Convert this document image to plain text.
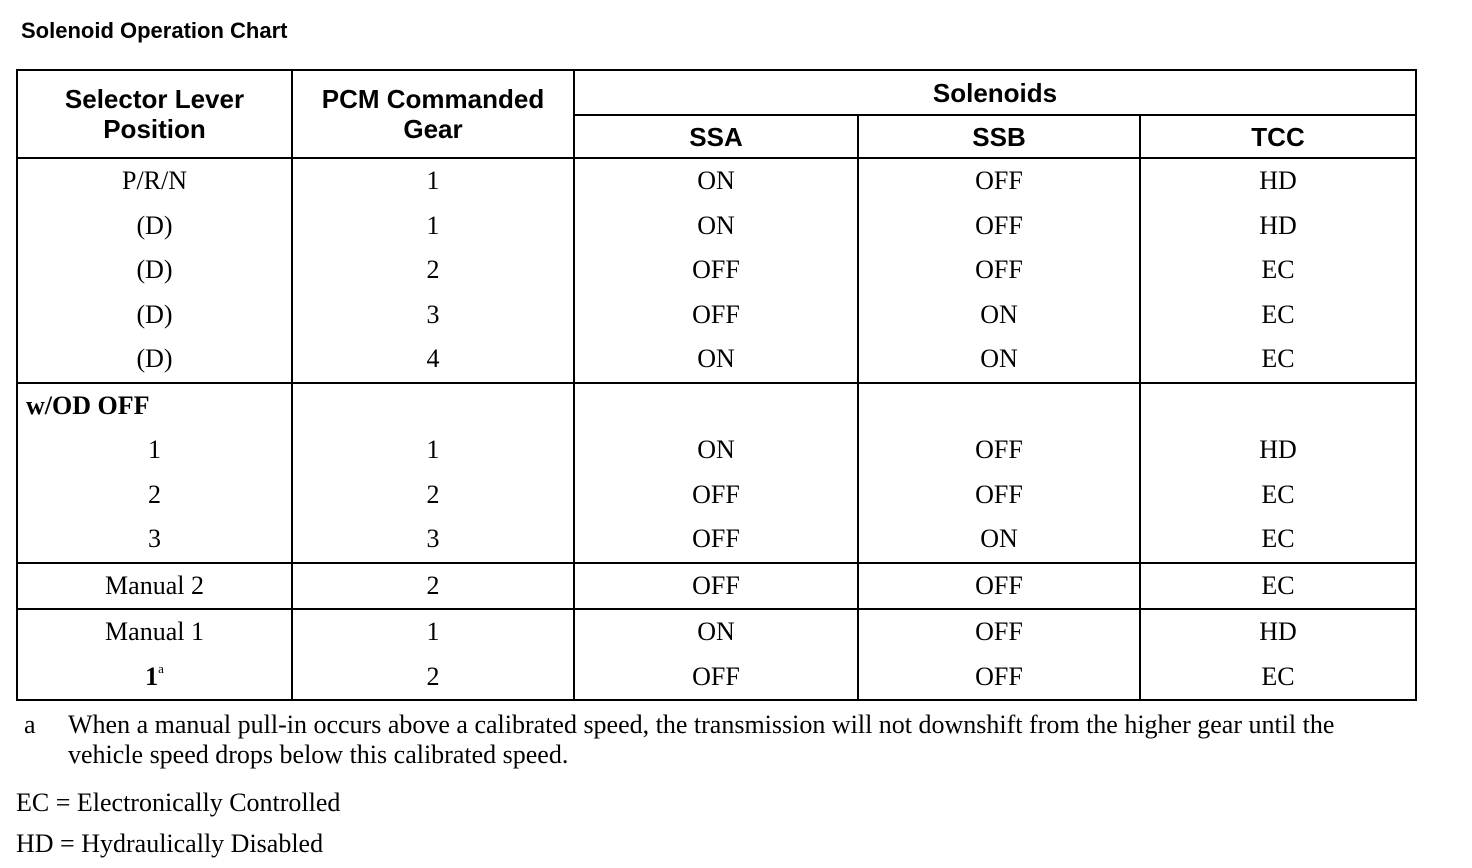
Solenoid Operation Chart
Selector Lever Position	PCM Commanded Gear	Solenoids		
		SSA	SSB	TCC
P/R/N	1	ON	OFF	HD
(D)	1	ON	OFF	HD
(D)	2	OFF	OFF	EC
(D)	3	OFF	ON	EC
(D)	4	ON	ON	EC
w/OD OFF				
1	1	ON	OFF	HD
2	2	OFF	OFF	EC
3	3	OFF	ON	EC
Manual 2	2	OFF	OFF	EC
Manual 1	1	ON	OFF	HD
1$^a$	2	OFF	OFF	EC
a When a manual pull-in occurs above a calibrated speed, the transmission will not downshift from the higher gear until the vehicle speed drops below this calibrated speed.
EC = Electronically Controlled
HD = Hydraulically Disabled
